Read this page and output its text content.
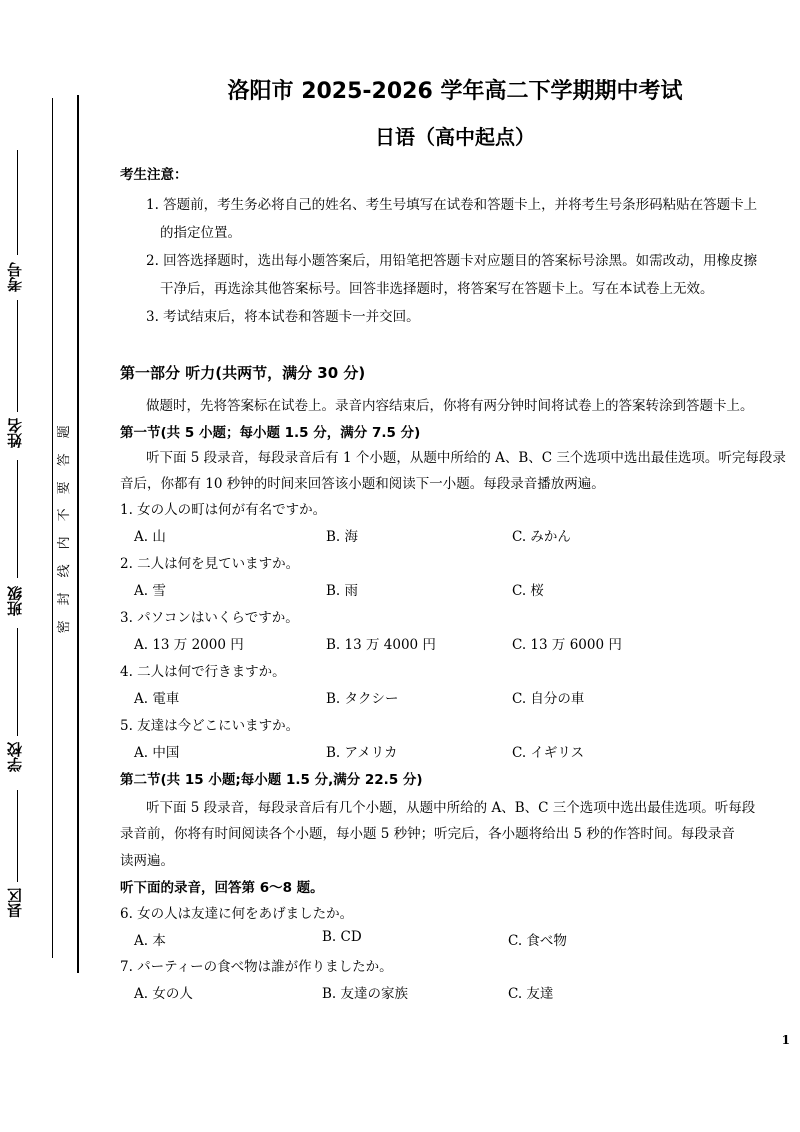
考号
姓名
班级
学校
县区
题
答
要
不
内
线
封
密
洛阳市 2025-2026 学年高二下学期期中考试
日语（高中起点）
考生注意：
1. 答题前，考生务必将自己的姓名、考生号填写在试卷和答题卡上，并将考生号条形码粘贴在答题卡上
的指定位置。
2. 回答选择题时，选出每小题答案后，用铅笔把答题卡对应题目的答案标号涂黑。如需改动，用橡皮擦
干净后，再选涂其他答案标号。回答非选择题时，将答案写在答题卡上。写在本试卷上无效。
3. 考试结束后，将本试卷和答题卡一并交回。
第一部分 听力(共两节，满分 30 分)
做题时，先将答案标在试卷上。录音内容结束后，你将有两分钟时间将试卷上的答案转涂到答题卡上。
第一节(共 5 小题；每小题 1.5 分，满分 7.5 分)
听下面 5 段录音，每段录音后有 1 个小题，从题中所给的 A、B、C 三个选项中选出最佳选项。听完每段录
音后，你都有 10 秒钟的时间来回答该小题和阅读下一小题。每段录音播放两遍。
1. 女の人の町は何が有名ですか。
A. 山	B. 海	C. みかん
2. 二人は何を見ていますか。
A. 雪	B. 雨	C. 桜
3. パソコンはいくらですか。
A. 13 万 2000 円	B. 13 万 4000 円	C. 13 万 6000 円
4. 二人は何で行きますか。
A. 電車	B. タクシー	C. 自分の車
5. 友達は今どこにいますか。
A. 中国	B. アメリカ	C. イギリス
第二节(共 15 小题;每小题 1.5 分,满分 22.5 分)
听下面 5 段录音，每段录音后有几个小题，从题中所给的 A、B、C 三个选项中选出最佳选项。听每段
录音前，你将有时间阅读各个小题，每小题 5 秒钟；听完后，各小题将给出 5 秒的作答时间。每段录音
读两遍。
听下面的录音，回答第 6～8 题。
6. 女の人は友達に何をあげましたか。
A. 本	B. CD	C. 食べ物
7. パーティーの食べ物は誰が作りましたか。
A. 女の人	B. 友達の家族	C. 友達
1
